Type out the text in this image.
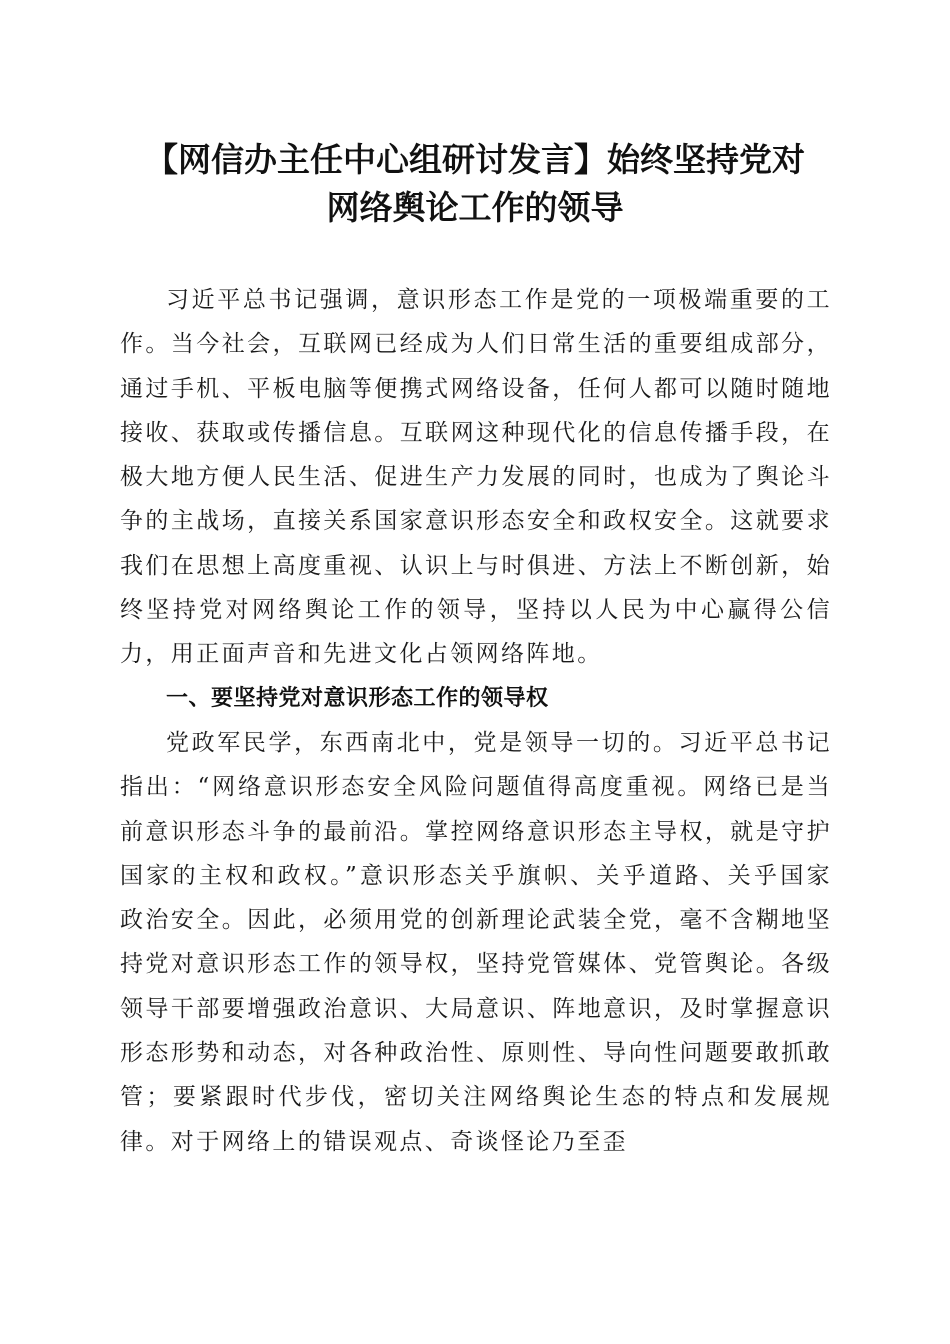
【网信办主任中心组研讨发言】始终坚持党对
网络舆论工作的领导

习近平总书记强调，意识形态工作是党的一项极端重要的工作。当今社会，互联网已经成为人们日常生活的重要组成部分，通过手机、平板电脑等便携式网络设备，任何人都可以随时随地接收、获取或传播信息。互联网这种现代化的信息传播手段，在极大地方便人民生活、促进生产力发展的同时，也成为了舆论斗争的主战场，直接关系国家意识形态安全和政权安全。这就要求我们在思想上高度重视、认识上与时俱进、方法上不断创新，始终坚持党对网络舆论工作的领导，坚持以人民为中心赢得公信力，用正面声音和先进文化占领网络阵地。

一、要坚持党对意识形态工作的领导权

党政军民学，东西南北中，党是领导一切的。习近平总书记指出：“网络意识形态安全风险问题值得高度重视。网络已是当前意识形态斗争的最前沿。掌控网络意识形态主导权，就是守护国家的主权和政权。”意识形态关乎旗帜、关乎道路、关乎国家政治安全。因此，必须用党的创新理论武装全党，毫不含糊地坚持党对意识形态工作的领导权，坚持党管媒体、党管舆论。各级领导干部要增强政治意识、大局意识、阵地意识，及时掌握意识形态形势和动态，对各种政治性、原则性、导向性问题要敢抓敢管；要紧跟时代步伐，密切关注网络舆论生态的特点和发展规律。对于网络上的错误观点、奇谈怪论乃至歪
